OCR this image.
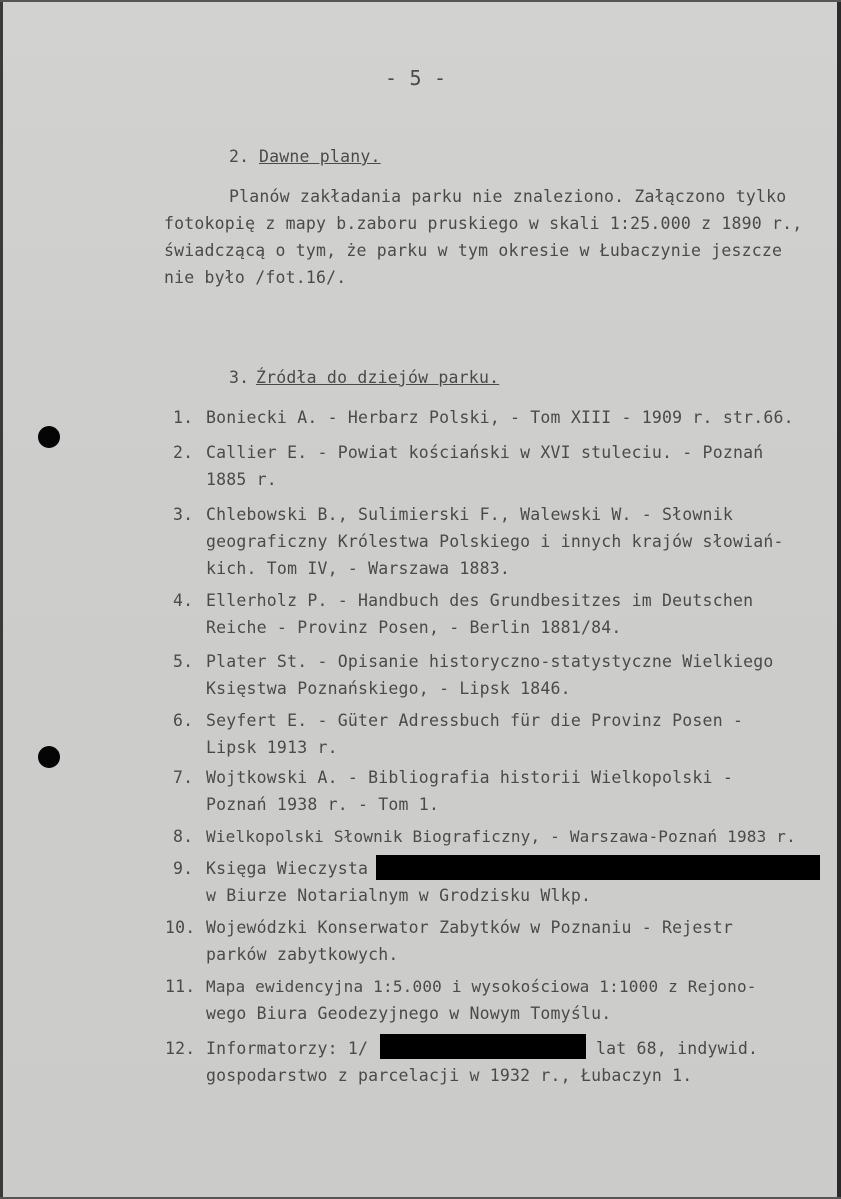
- 5 -
2. Dawne plany.
Planów zakładania parku nie znaleziono. Załączono tylko
fotokopię z mapy b.zaboru pruskiego w skali 1:25.000 z 1890 r.,
świadczącą o tym, że parku w tym okresie w Łubaczynie jeszcze
nie było /fot.16/.
3. Źródła do dziejów parku.
1. Boniecki A. - Herbarz Polski, - Tom XIII - 1909 r. str.66.
2. Callier E. - Powiat kościański w XVI stuleciu. - Poznań
1885 r.
3. Chlebowski B., Sulimierski F., Walewski W. - Słownik
geograficzny Królestwa Polskiego i innych krajów słowiań-
kich. Tom IV, - Warszawa 1883.
4. Ellerholz P. - Handbuch des Grundbesitzes im Deutschen
Reiche - Provinz Posen, - Berlin 1881/84.
5. Plater St. - Opisanie historyczno-statystyczne Wielkiego
Księstwa Poznańskiego, - Lipsk 1846.
6. Seyfert E. - Güter Adressbuch für die Provinz Posen -
Lipsk 1913 r.
7. Wojtkowski A. - Bibliografia historii Wielkopolski -
Poznań 1938 r. - Tom 1.
8. Wielkopolski Słownik Biograficzny, - Warszawa-Poznań 1983 r.
9. Księga Wieczysta
w Biurze Notarialnym w Grodzisku Wlkp.
10. Wojewódzki Konserwator Zabytków w Poznaniu - Rejestr
parków zabytkowych.
11. Mapa ewidencyjna 1:5.000 i wysokościowa 1:1000 z Rejono-
wego Biura Geodezyjnego w Nowym Tomyślu.
12. Informatorzy: 1/	lat 68, indywid.
gospodarstwo z parcelacji w 1932 r., Łubaczyn 1.
